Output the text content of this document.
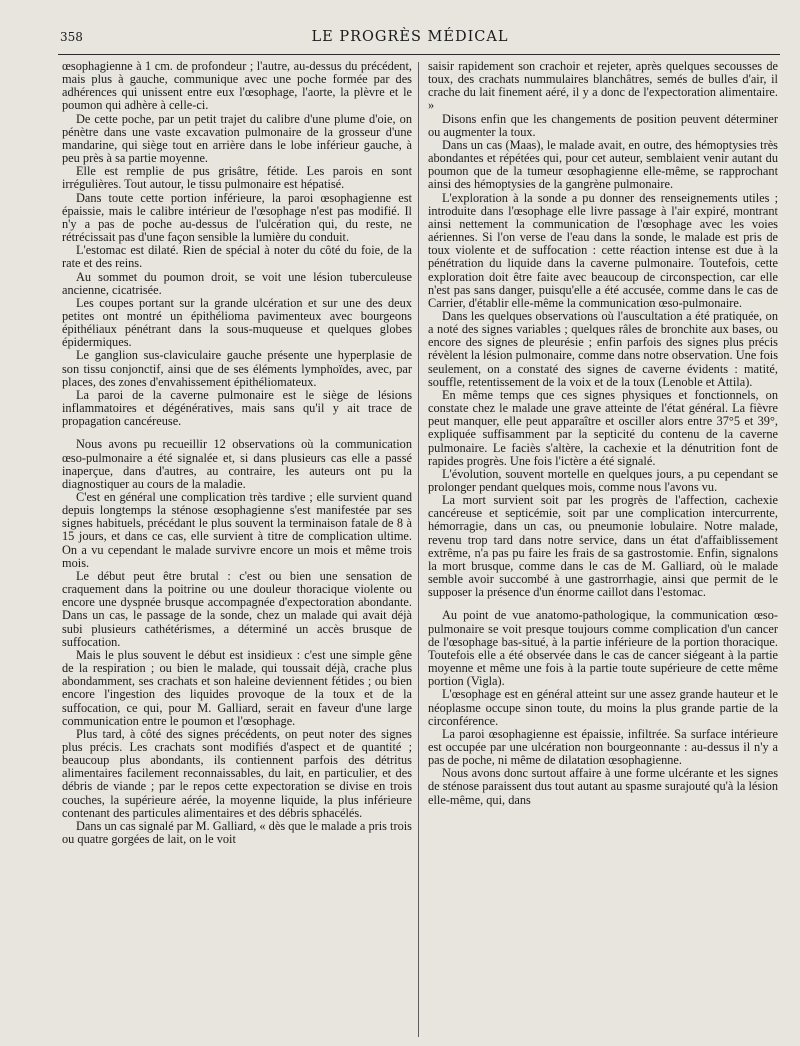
358	LE PROGRÈS MÉDICAL

œsophagienne à 1 cm. de profondeur ; l'autre, au-dessus du précédent, mais plus à gauche, communique avec une poche formée par des adhérences qui unissent entre eux l'œsophage, l'aorte, la plèvre et le poumon qui adhère à celle-ci.

De cette poche, par un petit trajet du calibre d'une plume d'oie, on pénètre dans une vaste excavation pulmonaire de la grosseur d'une mandarine, qui siège tout en arrière dans le lobe inférieur gauche, à peu près à sa partie moyenne.

Elle est remplie de pus grisâtre, fétide. Les parois en sont irrégulières. Tout autour, le tissu pulmonaire est hépatisé.

Dans toute cette portion inférieure, la paroi œsophagienne est épaissie, mais le calibre intérieur de l'œsophage n'est pas modifié. Il n'y a pas de poche au-dessus de l'ulcération qui, du reste, ne rétrécissait pas d'une façon sensible la lumière du conduit.

L'estomac est dilaté. Rien de spécial à noter du côté du foie, de la rate et des reins.

Au sommet du poumon droit, se voit une lésion tuberculeuse ancienne, cicatrisée.

Les coupes portant sur la grande ulcération et sur une des deux petites ont montré un épithélioma pavimenteux avec bourgeons épithéliaux pénétrant dans la sous-muqueuse et quelques globes épidermiques.

Le ganglion sus-claviculaire gauche présente une hyperplasie de son tissu conjonctif, ainsi que de ses éléments lymphoïdes, avec, par places, des zones d'envahissement épithéliomateux.

La paroi de la caverne pulmonaire est le siège de lésions inflammatoires et dégénératives, mais sans qu'il y ait trace de propagation cancéreuse.

Nous avons pu recueillir 12 observations où la communication œso-pulmonaire a été signalée et, si dans plusieurs cas elle a passé inaperçue, dans d'autres, au contraire, les auteurs ont pu la diagnostiquer au cours de la maladie.

C'est en général une complication très tardive ; elle survient quand depuis longtemps la sténose œsophagienne s'est manifestée par ses signes habituels, précédant le plus souvent la terminaison fatale de 8 à 15 jours, et dans ce cas, elle survient à titre de complication ultime. On a vu cependant le malade survivre encore un mois et même trois mois.

Le début peut être brutal : c'est ou bien une sensation de craquement dans la poitrine ou une douleur thoracique violente ou encore une dyspnée brusque accompagnée d'expectoration abondante. Dans un cas, le passage de la sonde, chez un malade qui avait déjà subi plusieurs cathétérismes, a déterminé un accès brusque de suffocation.

Mais le plus souvent le début est insidieux : c'est une simple gêne de la respiration ; ou bien le malade, qui toussait déjà, crache plus abondamment, ses crachats et son haleine deviennent fétides ; ou bien encore l'ingestion des liquides provoque de la toux et de la suffocation, ce qui, pour M. Galliard, serait en faveur d'une large communication entre le poumon et l'œsophage.

Plus tard, à côté des signes précédents, on peut noter des signes plus précis. Les crachats sont modifiés d'aspect et de quantité ; beaucoup plus abondants, ils contiennent parfois des détritus alimentaires facilement reconnaissables, du lait, en particulier, et des débris de viande ; par le repos cette expectoration se divise en trois couches, la supérieure aérée, la moyenne liquide, la plus inférieure contenant des particules alimentaires et des débris sphacélés.

Dans un cas signalé par M. Galliard, « dès que le malade a pris trois ou quatre gorgées de lait, on le voit

saisir rapidement son crachoir et rejeter, après quelques secousses de toux, des crachats nummulaires blanchâtres, semés de bulles d'air, il crache du lait finement aéré, il y a donc de l'expectoration alimentaire. »

Disons enfin que les changements de position peuvent déterminer ou augmenter la toux.

Dans un cas (Maas), le malade avait, en outre, des hémoptysies très abondantes et répétées qui, pour cet auteur, semblaient venir autant du poumon que de la tumeur œsophagienne elle-même, se rapprochant ainsi des hémoptysies de la gangrène pulmonaire.

L'exploration à la sonde a pu donner des renseignements utiles ; introduite dans l'œsophage elle livre passage à l'air expiré, montrant ainsi nettement la communication de l'œsophage avec les voies aériennes. Si l'on verse de l'eau dans la sonde, le malade est pris de toux violente et de suffocation : cette réaction intense est due à la pénétration du liquide dans la caverne pulmonaire. Toutefois, cette exploration doit être faite avec beaucoup de circonspection, car elle n'est pas sans danger, puisqu'elle a été accusée, comme dans le cas de Carrier, d'établir elle-même la communication œso-pulmonaire.

Dans les quelques observations où l'auscultation a été pratiquée, on a noté des signes variables ; quelques râles de bronchite aux bases, ou encore des signes de pleurésie ; enfin parfois des signes plus précis révèlent la lésion pulmonaire, comme dans notre observation. Une fois seulement, on a constaté des signes de caverne évidents : matité, souffle, retentissement de la voix et de la toux (Lenoble et Attila).

En même temps que ces signes physiques et fonctionnels, on constate chez le malade une grave atteinte de l'état général. La fièvre peut manquer, elle peut apparaître et osciller alors entre 37°5 et 39°, expliquée suffisamment par la septicité du contenu de la caverne pulmonaire. Le faciès s'altère, la cachexie et la dénutrition font de rapides progrès. Une fois l'ictère a été signalé.

L'évolution, souvent mortelle en quelques jours, a pu cependant se prolonger pendant quelques mois, comme nous l'avons vu.

La mort survient soit par les progrès de l'affection, cachexie cancéreuse et septicémie, soit par une complication intercurrente, hémorragie, dans un cas, ou pneumonie lobulaire. Notre malade, revenu trop tard dans notre service, dans un état d'affaiblissement extrême, n'a pas pu faire les frais de sa gastrostomie. Enfin, signalons la mort brusque, comme dans le cas de M. Galliard, où le malade semble avoir succombé à une gastrorrhagie, ainsi que permit de le supposer la présence d'un énorme caillot dans l'estomac.

Au point de vue anatomo-pathologique, la communication œso-pulmonaire se voit presque toujours comme complication d'un cancer de l'œsophage bas-situé, à la partie inférieure de la portion thoracique. Toutefois elle a été observée dans le cas de cancer siégeant à la partie moyenne et même une fois à la partie toute supérieure de cette même portion (Vigla).

L'œsophage est en général atteint sur une assez grande hauteur et le néoplasme occupe sinon toute, du moins la plus grande partie de la circonférence.

La paroi œsophagienne est épaissie, infiltrée. Sa surface intérieure est occupée par une ulcération non bourgeonnante : au-dessus il n'y a pas de poche, ni même de dilatation œsophagienne.

Nous avons donc surtout affaire à une forme ulcérante et les signes de sténose paraissent dus tout autant au spasme surajouté qu'à la lésion elle-même, qui, dans
